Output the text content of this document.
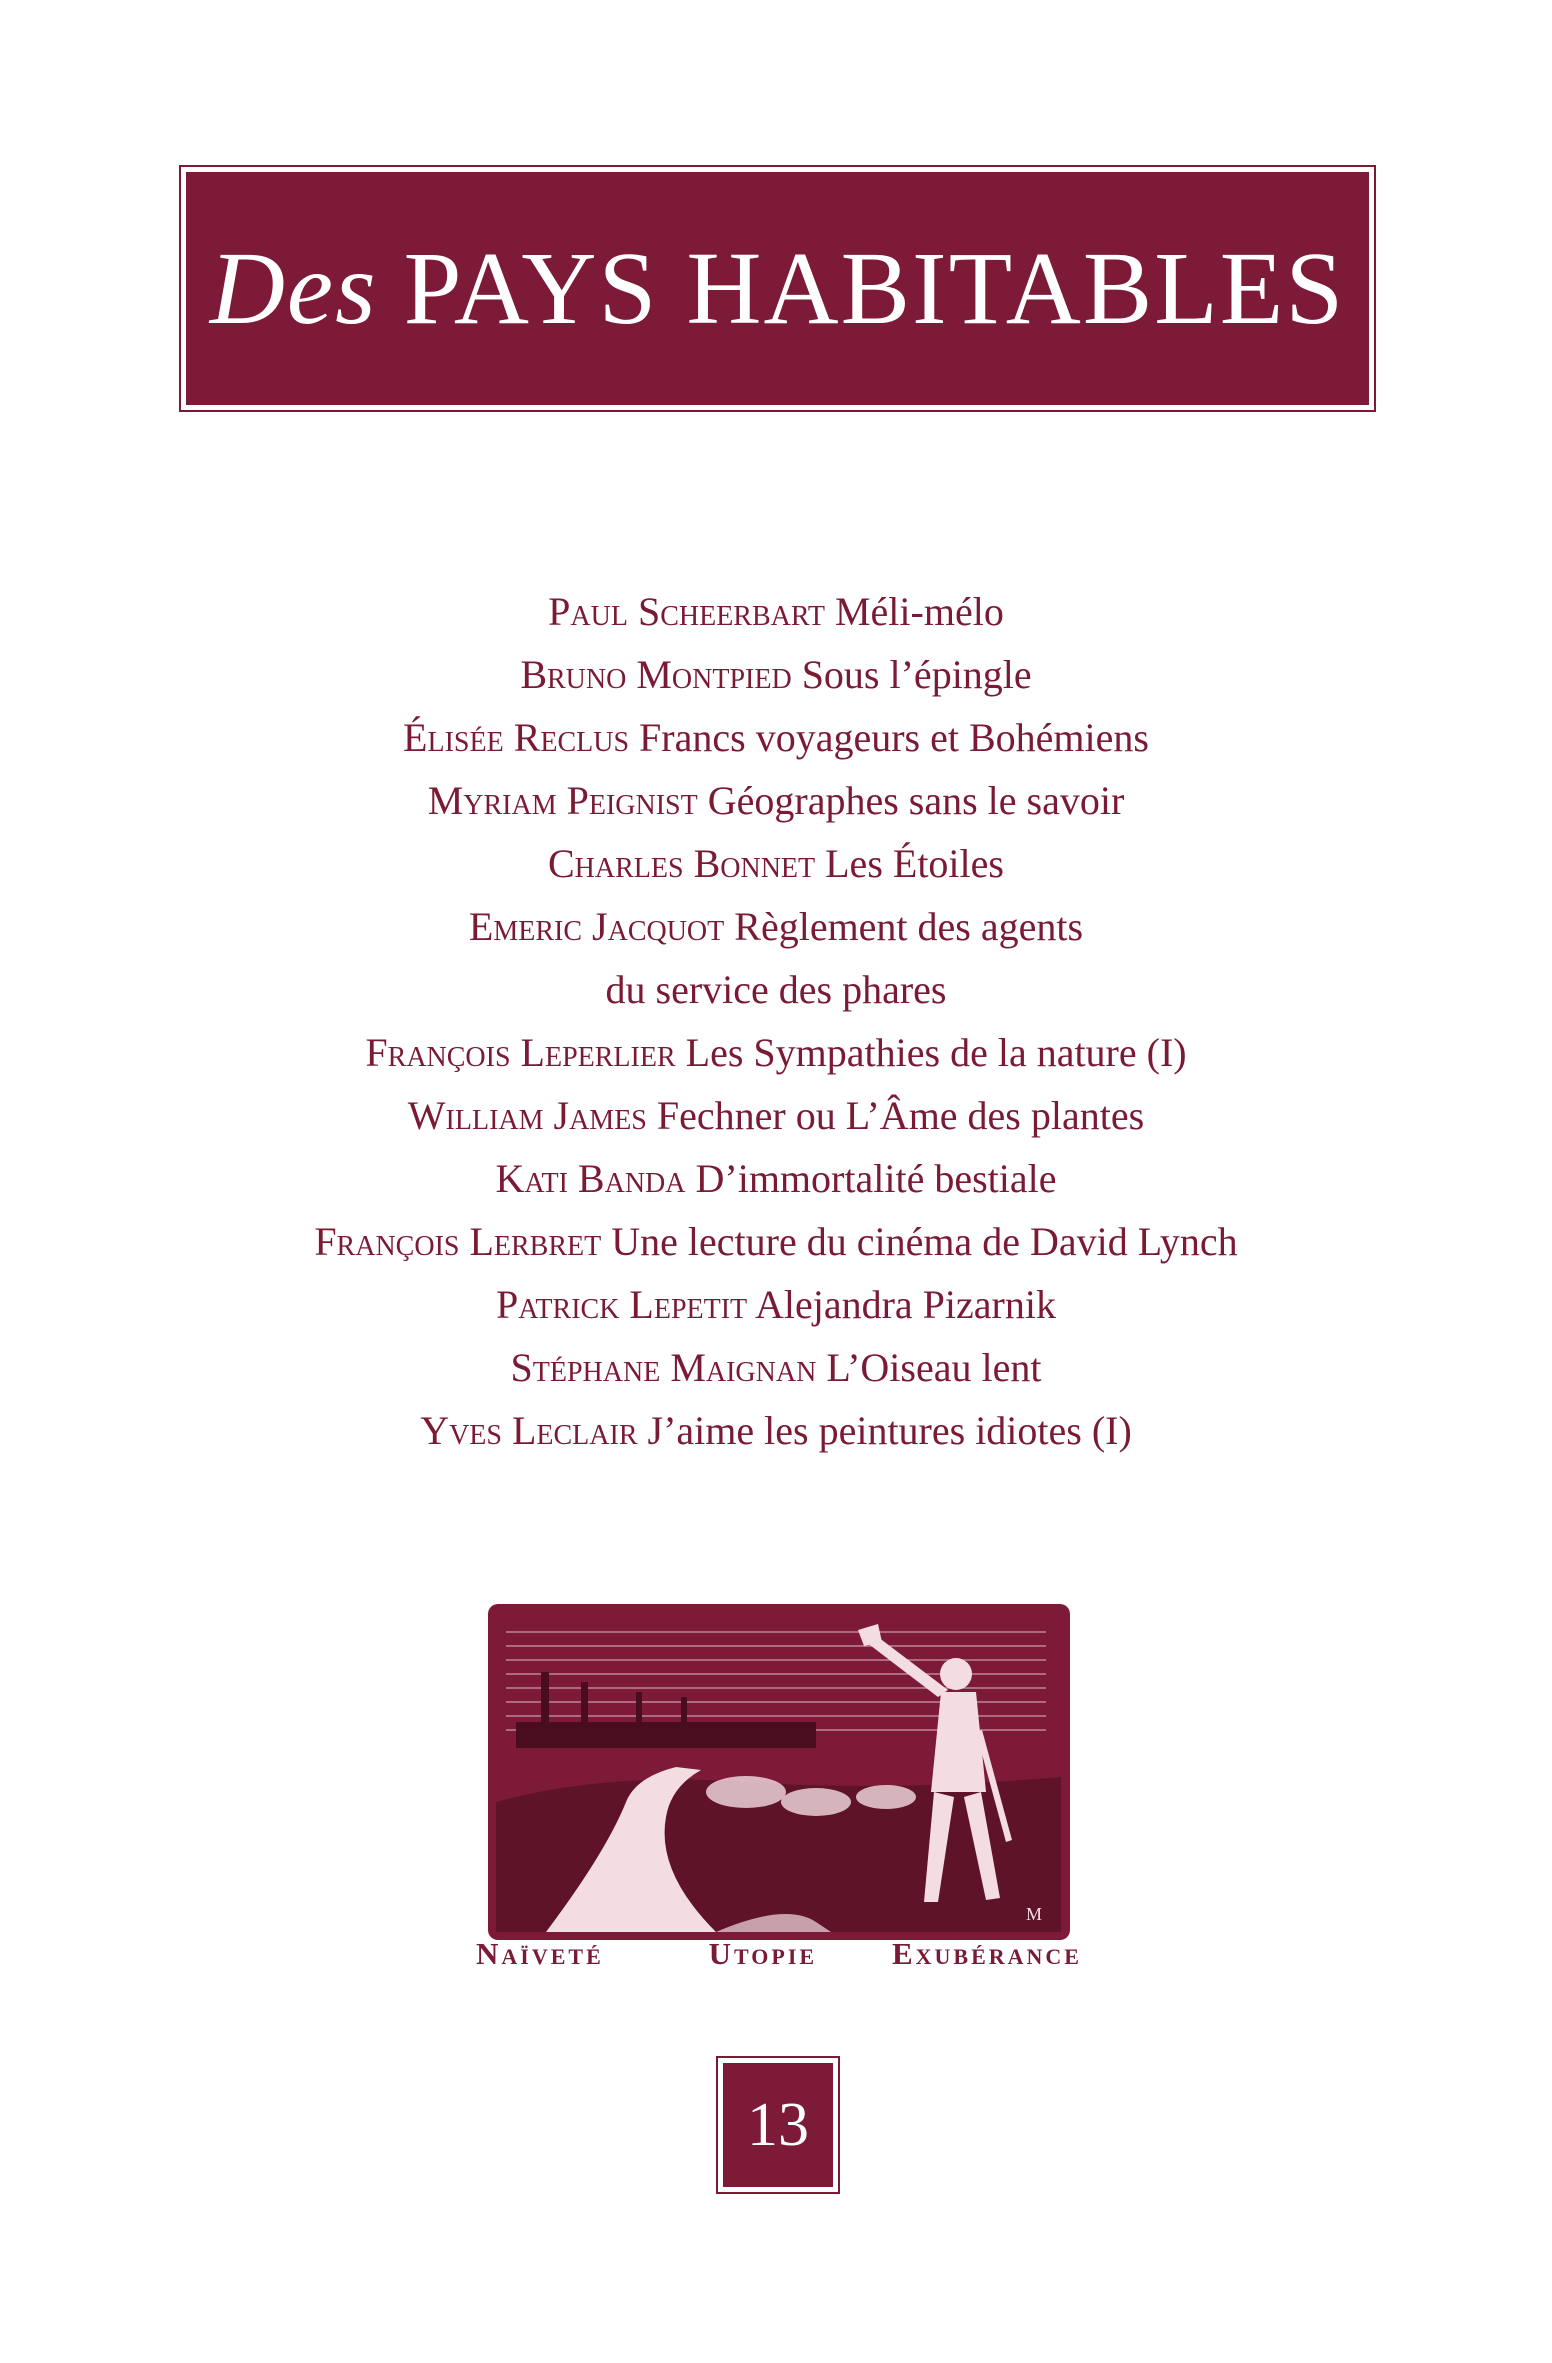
Des PAYS HABITABLES
Paul Scheerbart Méli-mélo
Bruno Montpied Sous l’épingle
Élisée Reclus Francs voyageurs et Bohémiens
Myriam Peignist Géographes sans le savoir
Charles Bonnet Les Étoiles
Emeric Jacquot Règlement des agents
du service des phares
François Leperlier Les Sympathies de la nature (I)
William James Fechner ou L’Âme des plantes
Kati Banda D’immortalité bestiale
François Lerbret Une lecture du cinéma de David Lynch
Patrick Lepetit Alejandra Pizarnik
Stéphane Maignan L’Oiseau lent
Yves Leclair J’aime les peintures idiotes (I)
M
Naïveté	Utopie Exubérance
13
